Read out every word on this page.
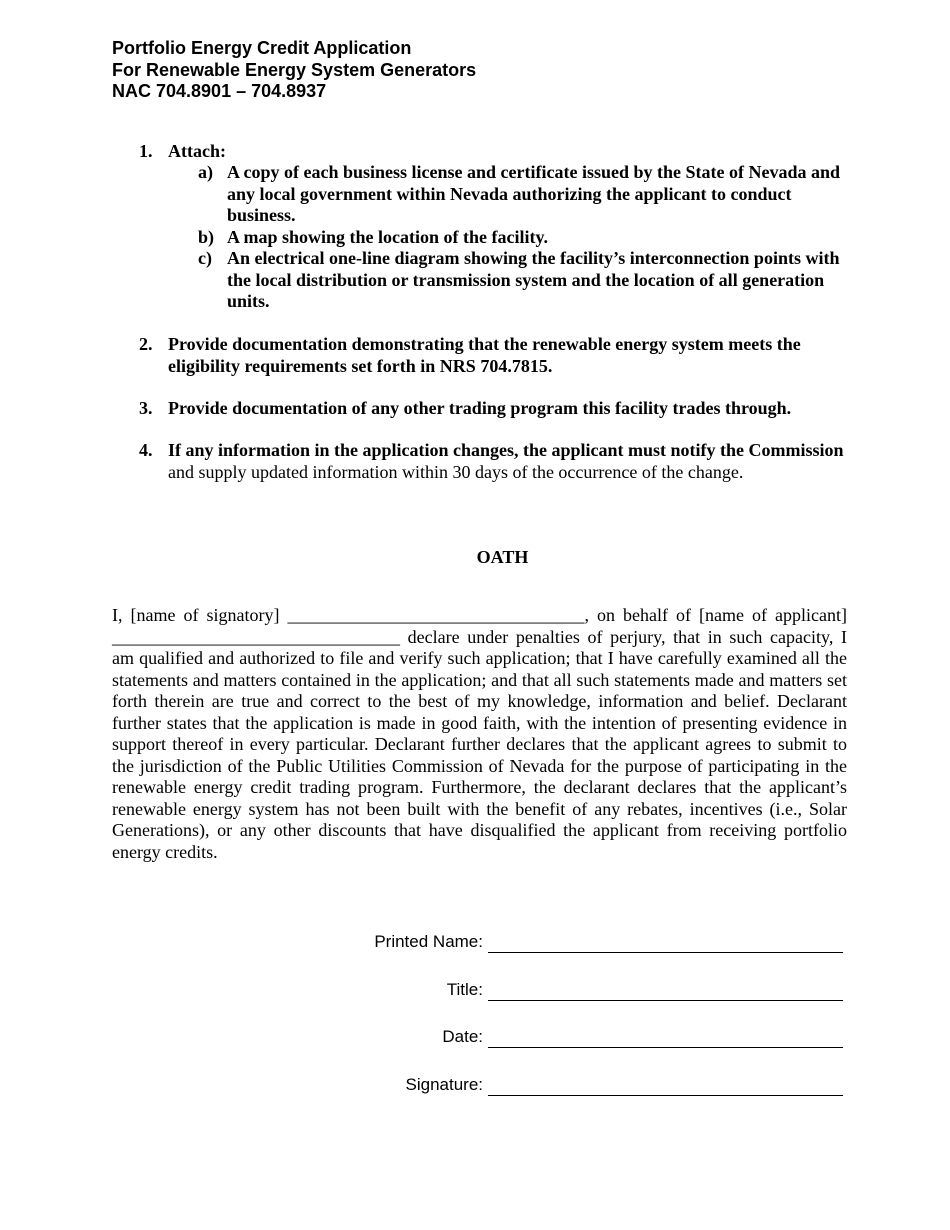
Portfolio Energy Credit Application
For Renewable Energy System Generators
NAC 704.8901 – 704.8937
1. Attach:
a) A copy of each business license and certificate issued by the State of Nevada and any local government within Nevada authorizing the applicant to conduct business.
b) A map showing the location of the facility.
c) An electrical one-line diagram showing the facility’s interconnection points with the local distribution or transmission system and the location of all generation units.
2. Provide documentation demonstrating that the renewable energy system meets the eligibility requirements set forth in NRS 704.7815.
3. Provide documentation of any other trading program this facility trades through.
4. If any information in the application changes, the applicant must notify the Commission and supply updated information within 30 days of the occurrence of the change.
OATH
I, [name of signatory] _________________________________, on behalf of [name of applicant]
________________________________ declare under penalties of perjury, that in such capacity, I
am qualified and authorized to file and verify such application; that I have carefully examined all the statements and matters contained in the application; and that all such statements made and matters set forth therein are true and correct to the best of my knowledge, information and belief. Declarant further states that the application is made in good faith, with the intention of presenting evidence in support thereof in every particular. Declarant further declares that the applicant agrees to submit to the jurisdiction of the Public Utilities Commission of Nevada for the purpose of participating in the renewable energy credit trading program. Furthermore, the declarant declares that the applicant’s renewable energy system has not been built with the benefit of any rebates, incentives (i.e., Solar Generations), or any other discounts that have disqualified the applicant from receiving portfolio energy credits.
Printed Name:
Title:
Date:
Signature:
